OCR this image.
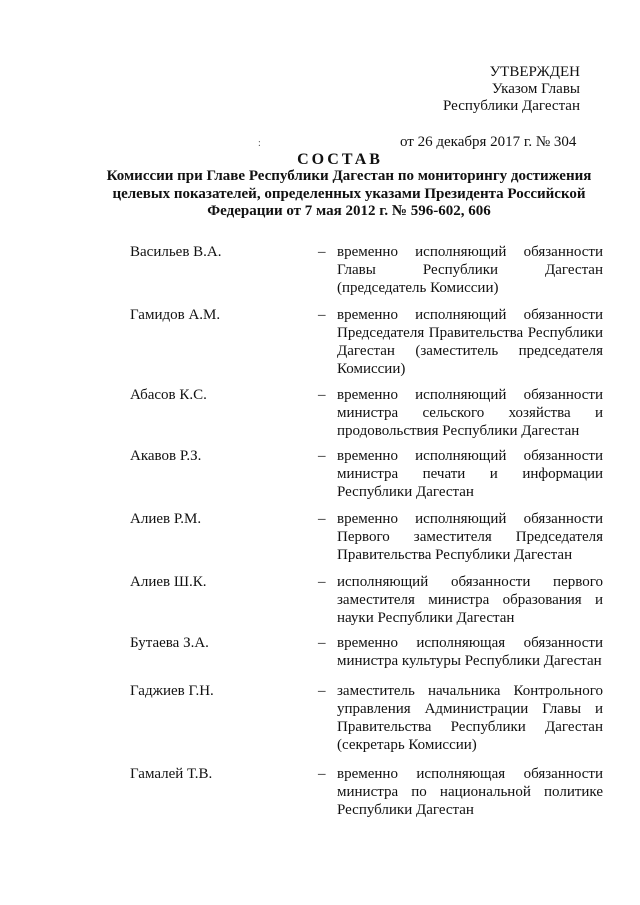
УТВЕРЖДЕН
Указом Главы
Республики Дагестан
:	от 26 декабря 2017 г. № 304
СОСТАВ
Комиссии при Главе Республики Дагестан по мониторингу достижения целевых показателей, определенных указами Президента Российской Федерации от 7 мая 2012 г. № 596-602, 606
Васильев В.А.	– временно исполняющий обязанности Главы Республики Дагестан (председатель Комиссии)
Гамидов А.М.	– временно исполняющий обязанности Председателя Правительства Республики Дагестан (заместитель председателя Комиссии)
Абасов К.С.	– временно исполняющий обязанности министра сельского хозяйства и продовольствия Республики Дагестан
Акавов Р.З.	– временно исполняющий обязанности министра печати и информации Республики Дагестан
Алиев Р.М.	– временно исполняющий обязанности Первого заместителя Председателя Правительства Республики Дагестан
Алиев Ш.К.	– исполняющий обязанности первого заместителя министра образования и науки Республики Дагестан
Бутаева З.А.	– временно исполняющая обязанности министра культуры Республики Дагестан
Гаджиев Г.Н.	– заместитель начальника Контрольного управления Администрации Главы и Правительства Республики Дагестан (секретарь Комиссии)
Гамалей Т.В.	– временно исполняющая обязанности министра по национальной политике Республики Дагестан
